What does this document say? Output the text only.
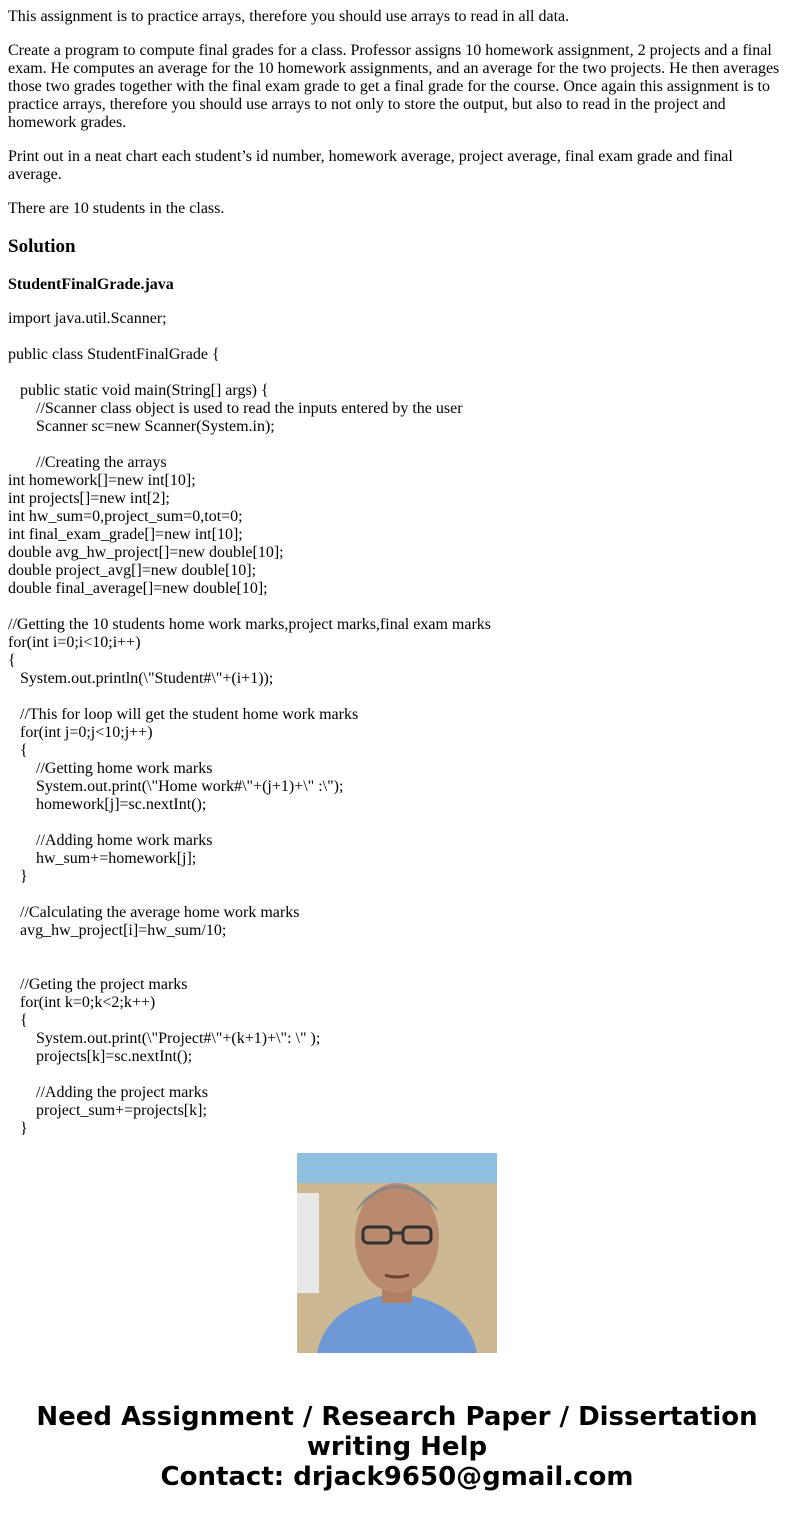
This assignment is to practice arrays, therefore you should use arrays to read in all data.

Create a program to compute final grades for a class. Professor assigns 10 homework assignment, 2 projects and a final exam. He computes an average for the 10 homework assignments, and an average for the two projects. He then averages those two grades together with the final exam grade to get a final grade for the course. Once again this assignment is to practice arrays, therefore you should use arrays to not only to store the output, but also to read in the project and homework grades.

Print out in a neat chart each student’s id number, homework average, project average, final exam grade and final average.

There are 10 students in the class.

Solution
StudentFinalGrade.java
import java.util.Scanner;
public class StudentFinalGrade {
public static void main(String[] args) {
//Scanner class object is used to read the inputs entered by the user
Scanner sc=new Scanner(System.in);
//Creating the arrays
int homework[]=new int[10];
int projects[]=new int[2];
int hw_sum=0,project_sum=0,tot=0;
int final_exam_grade[]=new int[10];
double avg_hw_project[]=new double[10];
double project_avg[]=new double[10];
double final_average[]=new double[10];
//Getting the 10 students home work marks,project marks,final exam marks
for(int i=0;i<10;i++)
{
System.out.println(\"Student#\"+(i+1));
//This for loop will get the student home work marks
for(int j=0;j<10;j++)
{
//Getting home work marks
System.out.print(\"Home work#\"+(j+1)+\" :\");
homework[j]=sc.nextInt();
//Adding home work marks
hw_sum+=homework[j];
}
//Calculating the average home work marks
avg_hw_project[i]=hw_sum/10;
//Geting the project marks
for(int k=0;k<2;k++)
{
System.out.print(\"Project#\"+(k+1)+\": \" );
projects[k]=sc.nextInt();
//Adding the project marks
project_sum+=projects[k];
}
Need Assignment / Research Paper / Dissertation
writing Help
Contact: drjack9650@gmail.com
